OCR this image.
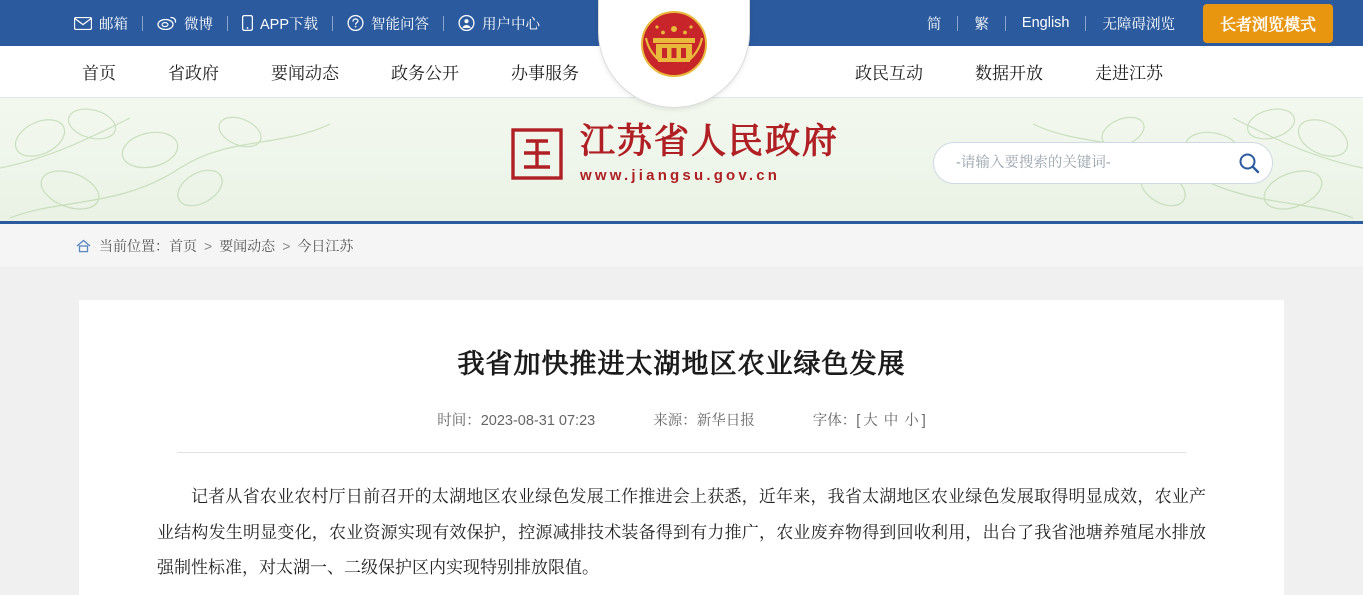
邮箱	微博	APP下载	智能问答	用户中心	简	繁	English	无障碍浏览	长者浏览模式
首页	省政府	要闻动态	政务公开	办事服务	政民互动	数据开放	走进江苏
江苏省人民政府
www.jiangsu.gov.cn
-请输入要搜索的关键词-
当前位置： 首页 > 要闻动态 > 今日江苏
我省加快推进太湖地区农业绿色发展
时间：2023-08-31 07:23	来源：新华日报	字体：[ 大 中 小 ]
记者从省农业农村厅日前召开的太湖地区农业绿色发展工作推进会上获悉，近年来，我省太湖地区农业绿色发展取得明显成效，农业产业结构发生明显变化，农业资源实现有效保护，控源减排技术装备得到有力推广，农业废弃物得到回收利用，出台了我省池塘养殖尾水排放强制性标准，对太湖一、二级保护区内实现特别排放限值。
